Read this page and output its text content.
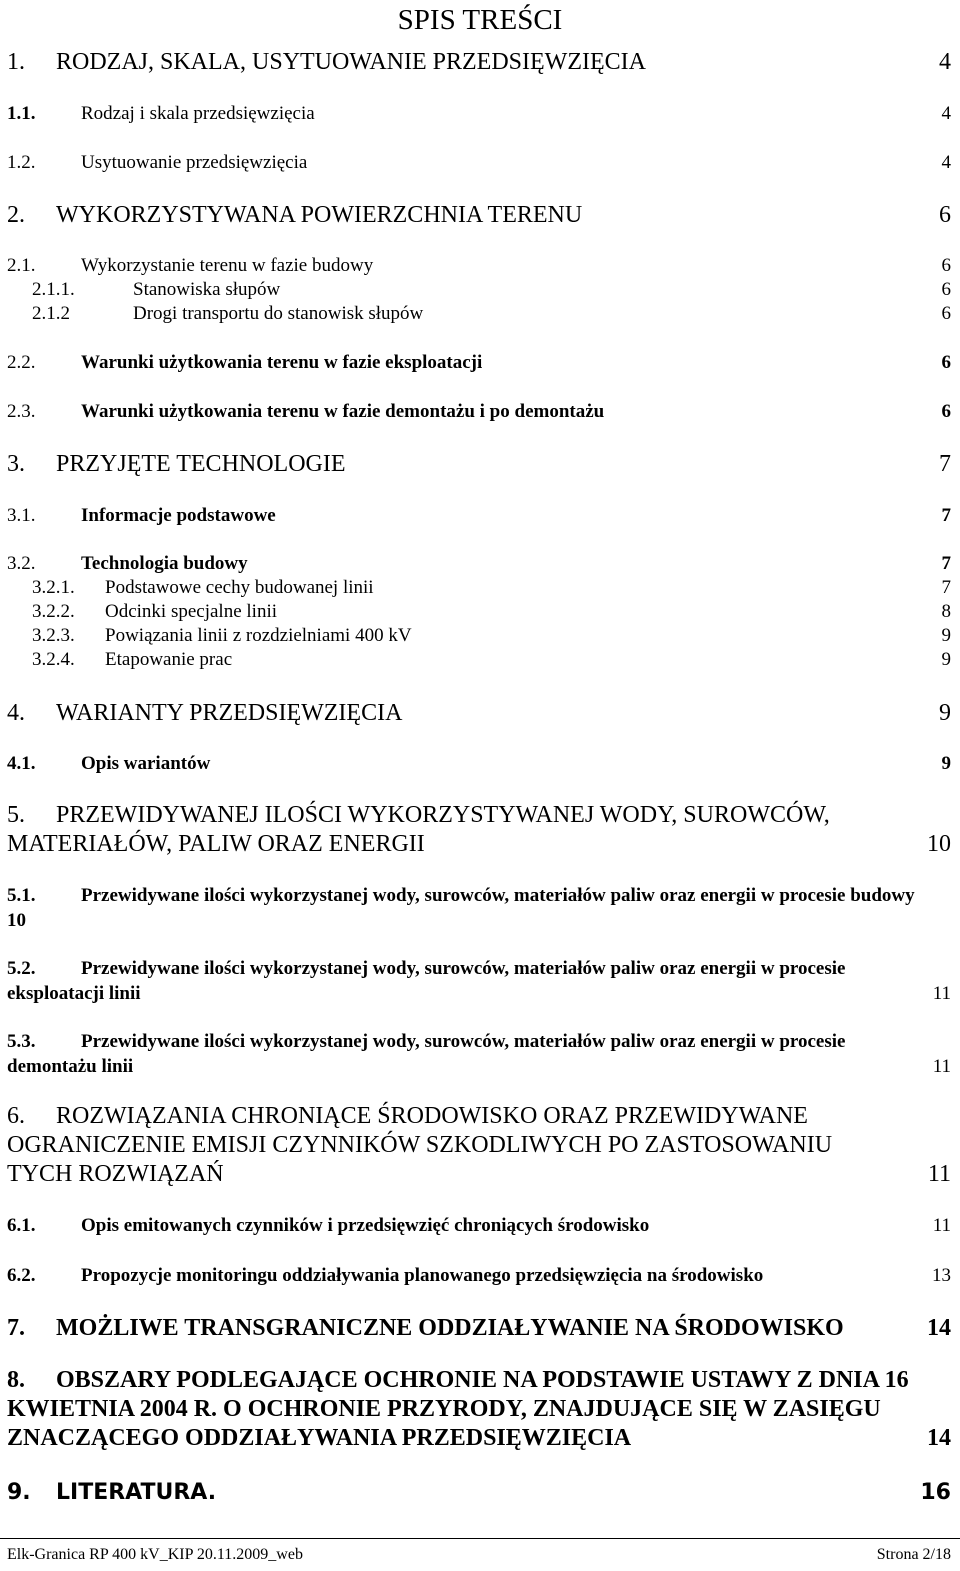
SPIS TREŚCI
1. RODZAJ, SKALA, USYTUOWANIE PRZEDSIĘWZIĘCIA	4
1.1. Rodzaj i skala przedsięwzięcia	4
1.2. Usytuowanie przedsięwzięcia	4
2. WYKORZYSTYWANA POWIERZCHNIA TERENU	6
2.1. Wykorzystanie terenu w fazie budowy	6
2.1.1.	Stanowiska słupów	6
2.1.2	Drogi transportu do stanowisk słupów	6
2.2. Warunki użytkowania terenu w fazie eksploatacji	6
2.3. Warunki użytkowania terenu w fazie demontażu i po demontażu	6
3. PRZYJĘTE TECHNOLOGIE	7
3.1. Informacje podstawowe	7
3.2. Technologia budowy	7
3.2.1. Podstawowe cechy budowanej linii	7
3.2.2. Odcinki specjalne linii	8
3.2.3. Powiązania linii z rozdzielniami 400 kV	9
3.2.4. Etapowanie prac	9
4. WARIANTY PRZEDSIĘWZIĘCIA	9
4.1. Opis wariantów	9
5.	PRZEWIDYWANEJ ILOŚCI WYKORZYSTYWANEJ WODY, SUROWCÓW, MATERIAŁÓW, PALIW ORAZ ENERGII	10
5.1.	Przewidywane ilości wykorzystanej wody, surowców, materiałów paliw oraz energii w procesie budowy 10
5.2.	Przewidywane ilości wykorzystanej wody, surowców, materiałów paliw oraz energii w procesie eksploatacji linii	11
5.3.	Przewidywane ilości wykorzystanej wody, surowców, materiałów paliw oraz energii w procesie demontażu linii	11
6.	ROZWIĄZANIA CHRONIĄCE ŚRODOWISKO ORAZ PRZEWIDYWANE OGRANICZENIE EMISJI CZYNNIKÓW SZKODLIWYCH PO ZASTOSOWANIU TYCH ROZWIĄZAŃ	11
6.1. Opis emitowanych czynników i przedsięwzięć chroniących środowisko	11
6.2. Propozycje monitoringu oddziaływania planowanego przedsięwzięcia na środowisko	13
7. MOŻLIWE TRANSGRANICZNE ODDZIAŁYWANIE NA ŚRODOWISKO	14
8.	OBSZARY PODLEGAJĄCE OCHRONIE NA PODSTAWIE USTAWY Z DNIA 16 KWIETNIA 2004 R. O OCHRONIE PRZYRODY, ZNAJDUJĄCE SIĘ W ZASIĘGU ZNACZĄCEGO ODDZIAŁYWANIA PRZEDSIĘWZIĘCIA	14
9. LITERATURA.	16
Elk-Granica RP 400 kV_KIP 20.11.2009_web	Strona 2/18
